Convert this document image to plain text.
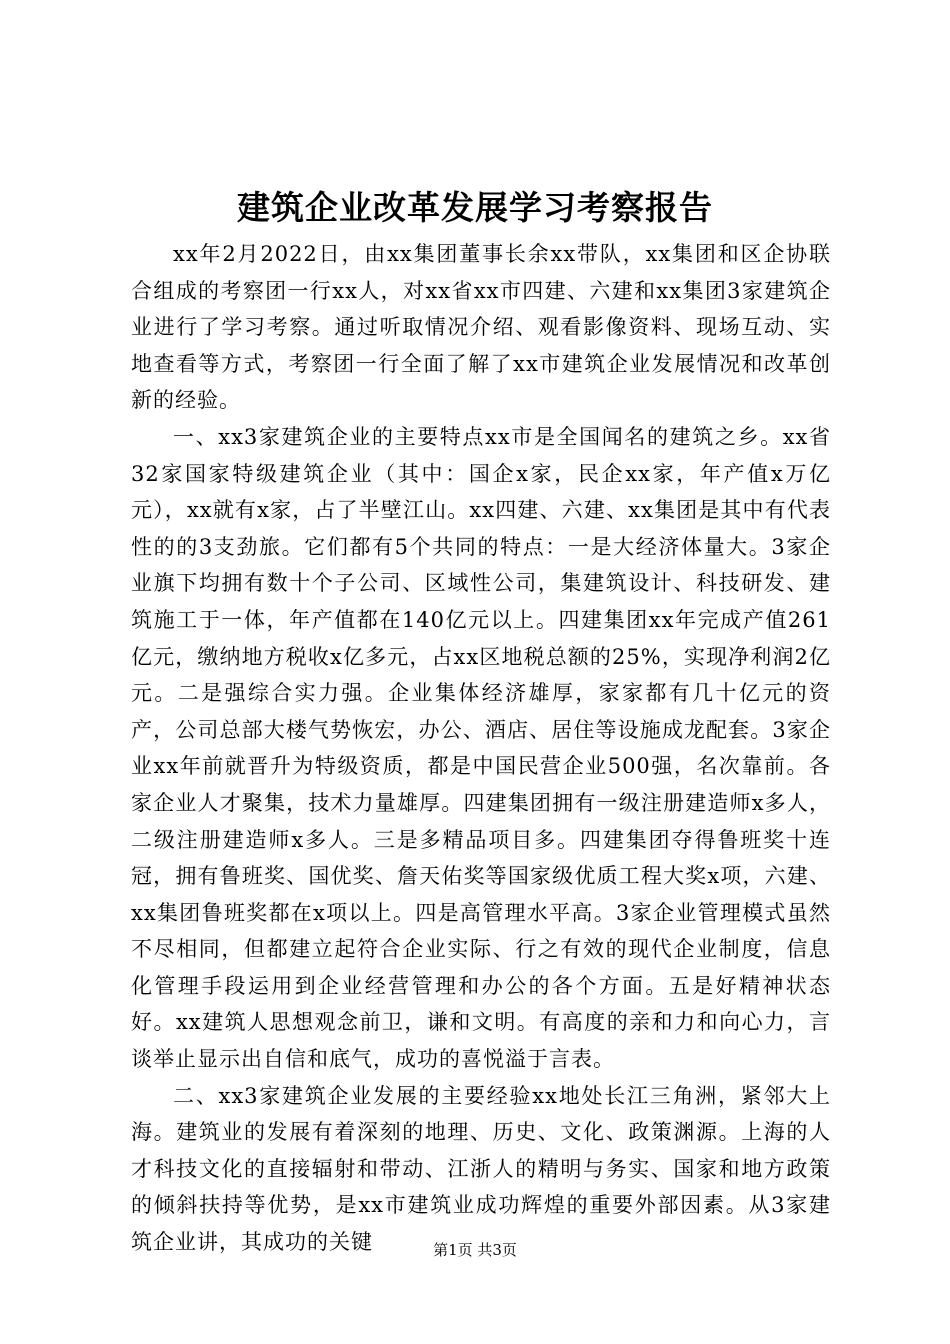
建筑企业改革发展学习考察报告

xx年2月2022日，由xx集团董事长余xx带队，xx集团和区企协联合组成的考察团一行xx人，对xx省xx市四建、六建和xx集团3家建筑企业进行了学习考察。通过听取情况介绍、观看影像资料、现场互动、实地查看等方式，考察团一行全面了解了xx市建筑企业发展情况和改革创新的经验。

一、xx3家建筑企业的主要特点xx市是全国闻名的建筑之乡。xx省32家国家特级建筑企业（其中：国企x家，民企xx家，年产值x万亿元），xx就有x家，占了半壁江山。xx四建、六建、xx集团是其中有代表性的的3支劲旅。它们都有5个共同的特点：一是大经济体量大。3家企业旗下均拥有数十个子公司、区域性公司，集建筑设计、科技研发、建筑施工于一体，年产值都在140亿元以上。四建集团xx年完成产值261亿元，缴纳地方税收x亿多元，占xx区地税总额的25%，实现净利润2亿元。二是强综合实力强。企业集体经济雄厚，家家都有几十亿元的资产，公司总部大楼气势恢宏，办公、酒店、居住等设施成龙配套。3家企业xx年前就晋升为特级资质，都是中国民营企业500强，名次靠前。各家企业人才聚集，技术力量雄厚。四建集团拥有一级注册建造师x多人，二级注册建造师x多人。三是多精品项目多。四建集团夺得鲁班奖十连冠，拥有鲁班奖、国优奖、詹天佑奖等国家级优质工程大奖x项，六建、xx集团鲁班奖都在x项以上。四是高管理水平高。3家企业管理模式虽然不尽相同，但都建立起符合企业实际、行之有效的现代企业制度，信息化管理手段运用到企业经营管理和办公的各个方面。五是好精神状态好。xx建筑人思想观念前卫，谦和文明。有高度的亲和力和向心力，言谈举止显示出自信和底气，成功的喜悦溢于言表。

二、xx3家建筑企业发展的主要经验xx地处长江三角洲，紧邻大上海。建筑业的发展有着深刻的地理、历史、文化、政策渊源。上海的人才科技文化的直接辐射和带动、江浙人的精明与务实、国家和地方政策的倾斜扶持等优势，是xx市建筑业成功辉煌的重要外部因素。从3家建筑企业讲，其成功的关键	第1页 共3页
